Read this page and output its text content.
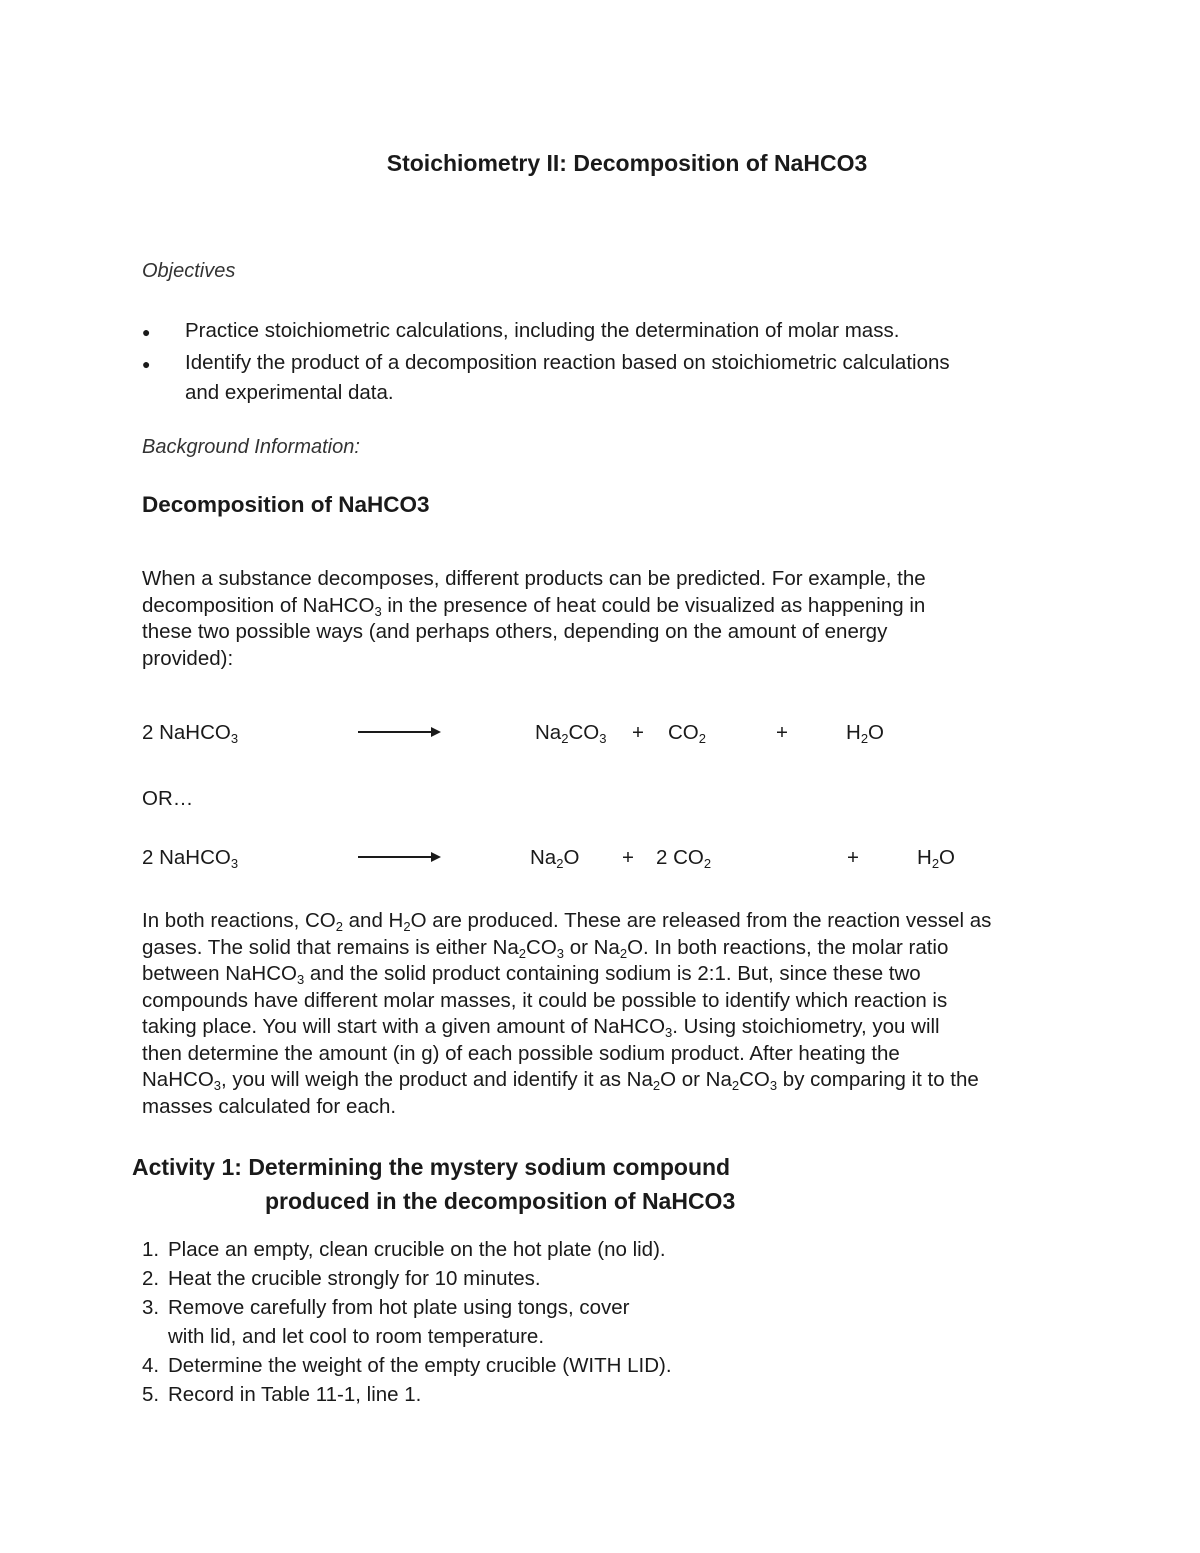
Stoichiometry II: Decomposition of NaHCO3
Objectives
● Practice stoichiometric calculations, including the determination of molar mass.
● Identify the product of a decomposition reaction based on stoichiometric calculations
and experimental data.
Background Information:
Decomposition of NaHCO3
When a substance decomposes, different products can be predicted. For example, the
decomposition of NaHCO$_3$ in the presence of heat could be visualized as happening in
these two possible ways (and perhaps others, depending on the amount of energy
provided):
2 NaHCO$_3$	$Na_2CO_3 + CO_2$	+	$H_2O$
OR…
2 NaHCO$_3$	$Na_2O + 2$ $CO_2$	+	$H_2O$
In both reactions, $CO_2$ and $H_2O$ are produced. These are released from the reaction vessel as
gases. The solid that remains is either $Na_2CO_3$ or $Na_2O$. In both reactions, the molar ratio
between NaHCO$_3$ and the solid product containing sodium is 2:1. But, since these two
compounds have different molar masses, it could be possible to identify which reaction is
taking place. You will start with a given amount of NaHCO$_3$. Using stoichiometry, you will
then determine the amount (in g) of each possible sodium product. After heating the
NaHCO$_3$, you will weigh the product and identify it as $Na_2O$ or $Na_2CO_3$ by comparing it to the
masses calculated for each.
Activity 1: Determining the mystery sodium compound
produced in the decomposition of NaHCO3
1. Place an empty, clean crucible on the hot plate (no lid).
2. Heat the crucible strongly for 10 minutes.
3. Remove carefully from hot plate using tongs, cover
with lid, and let cool to room temperature.
4. Determine the weight of the empty crucible (WITH LID).
5. Record in Table 11-1, line 1.
